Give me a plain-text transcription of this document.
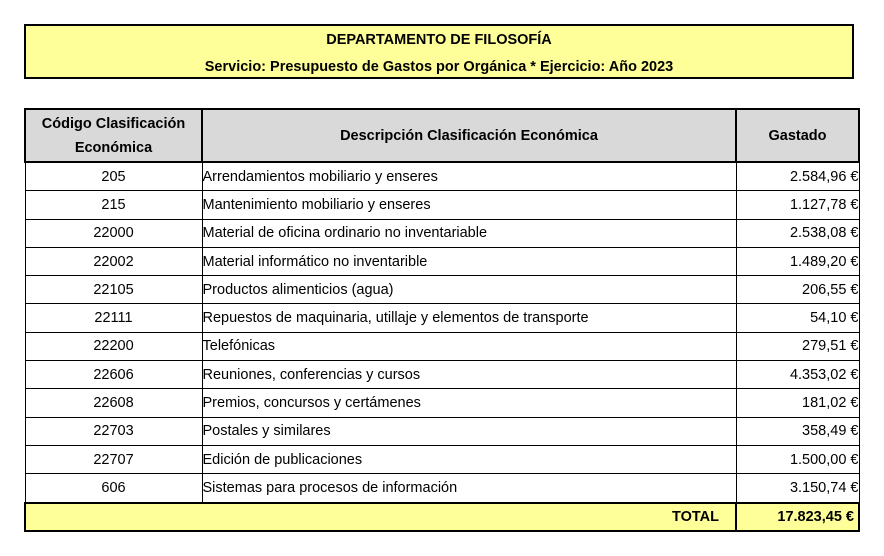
DEPARTAMENTO DE FILOSOFÍA
Servicio: Presupuesto de Gastos por Orgánica * Ejercicio: Año 2023
Código Clasificación Económica	Descripción Clasificación Económica	Gastado
205	Arrendamientos mobiliario y enseres	2.584,96 €
215	Mantenimiento mobiliario y enseres	1.127,78 €
22000	Material de oficina ordinario no inventariable	2.538,08 €
22002	Material informático no inventarible	1.489,20 €
22105	Productos alimenticios (agua)	206,55 €
22111	Repuestos de maquinaria, utillaje y elementos de transporte	54,10 €
22200	Telefónicas	279,51 €
22606	Reuniones, conferencias y cursos	4.353,02 €
22608	Premios, concursos y certámenes	181,02 €
22703	Postales y similares	358,49 €
22707	Edición de publicaciones	1.500,00 €
606	Sistemas para procesos de información	3.150,74 €
TOTAL		17.823,45 €
